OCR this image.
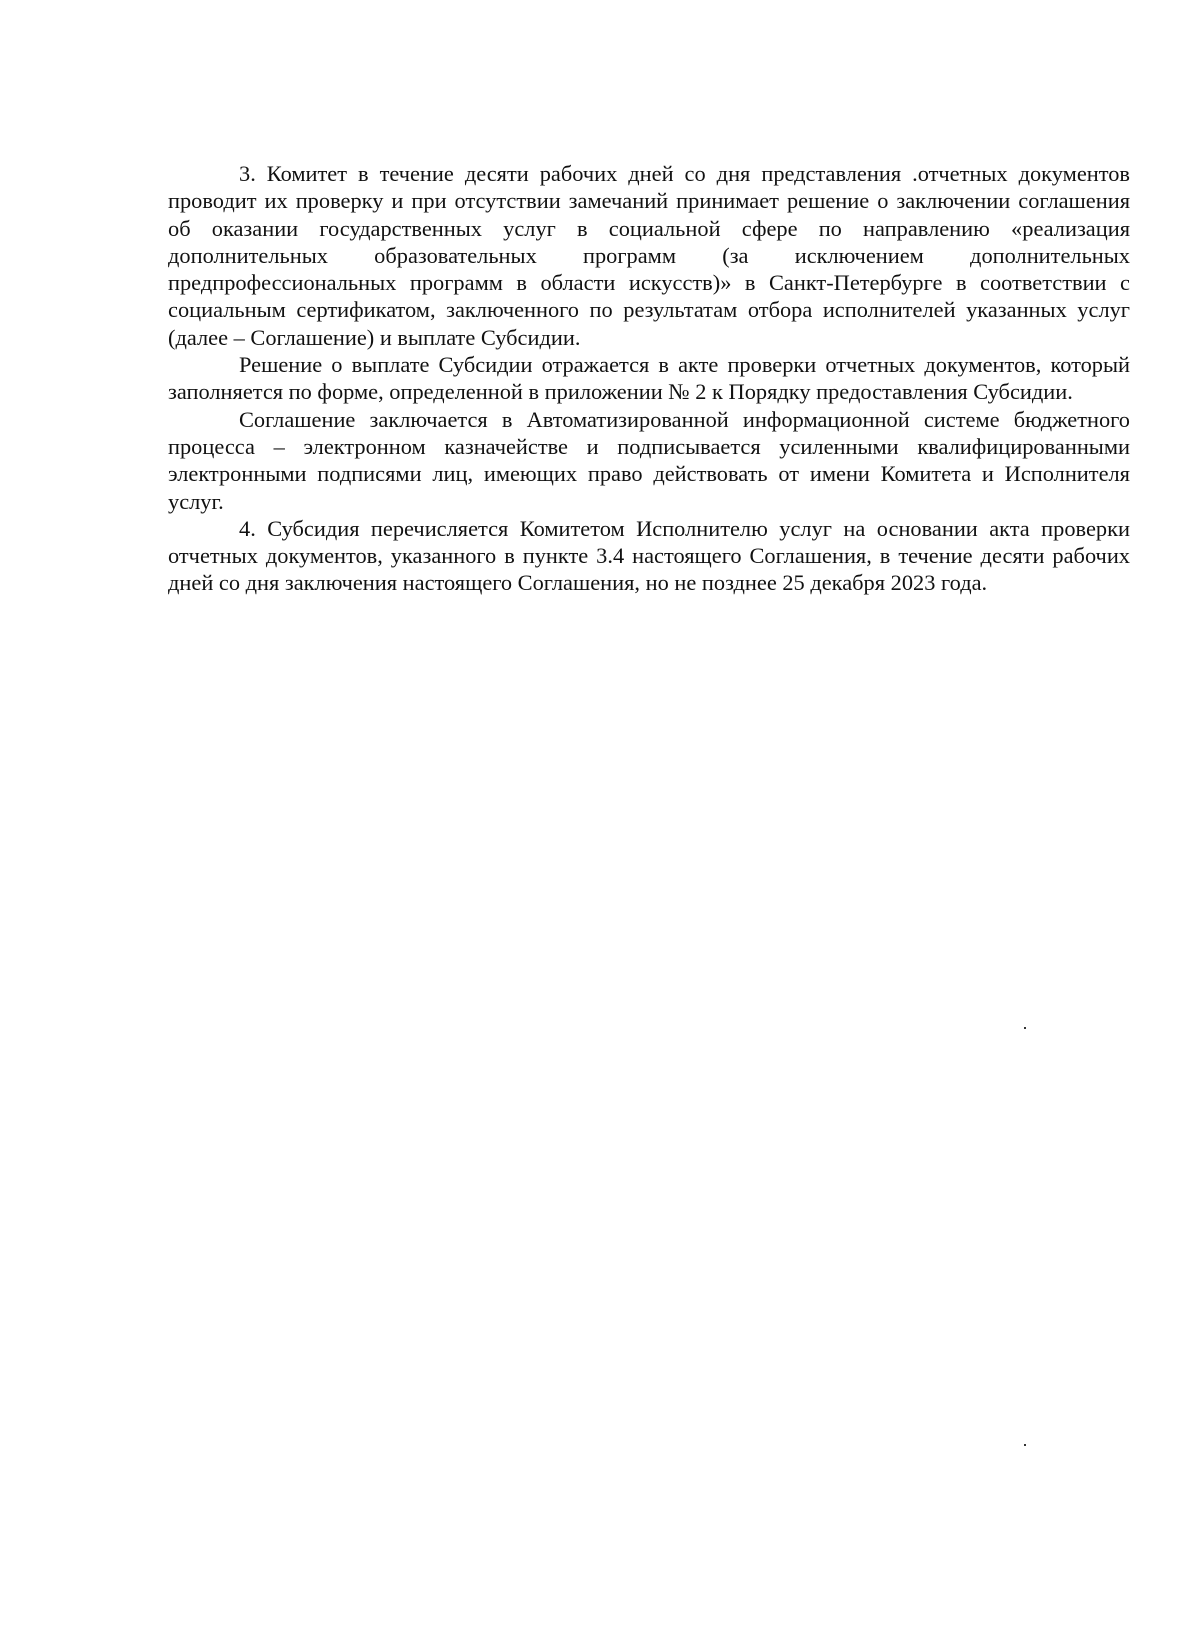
3. Комитет в течение десяти рабочих дней со дня представления .отчетных документов проводит их проверку и при отсутствии замечаний принимает решение о заключении соглашения об оказании государственных услуг в социальной сфере по направлению «реализация дополнительных образовательных программ (за исключением дополнительных предпрофессиональных программ в области искусств)» в Санкт-Петербурге в соответствии с социальным сертификатом, заключенного по результатам отбора исполнителей указанных услуг (далее – Соглашение) и выплате Субсидии.

Решение о выплате Субсидии отражается в акте проверки отчетных документов, который заполняется по форме, определенной в приложении № 2 к Порядку предоставления Субсидии.

Соглашение заключается в Автоматизированной информационной системе бюджетного процесса – электронном казначействе и подписывается усиленными квалифицированными электронными подписями лиц, имеющих право действовать от имени Комитета и Исполнителя услуг.

4. Субсидия перечисляется Комитетом Исполнителю услуг на основании акта проверки отчетных документов, указанного в пункте 3.4 настоящего Соглашения, в течение десяти рабочих дней со дня заключения настоящего Соглашения, но не позднее 25 декабря 2023 года.
